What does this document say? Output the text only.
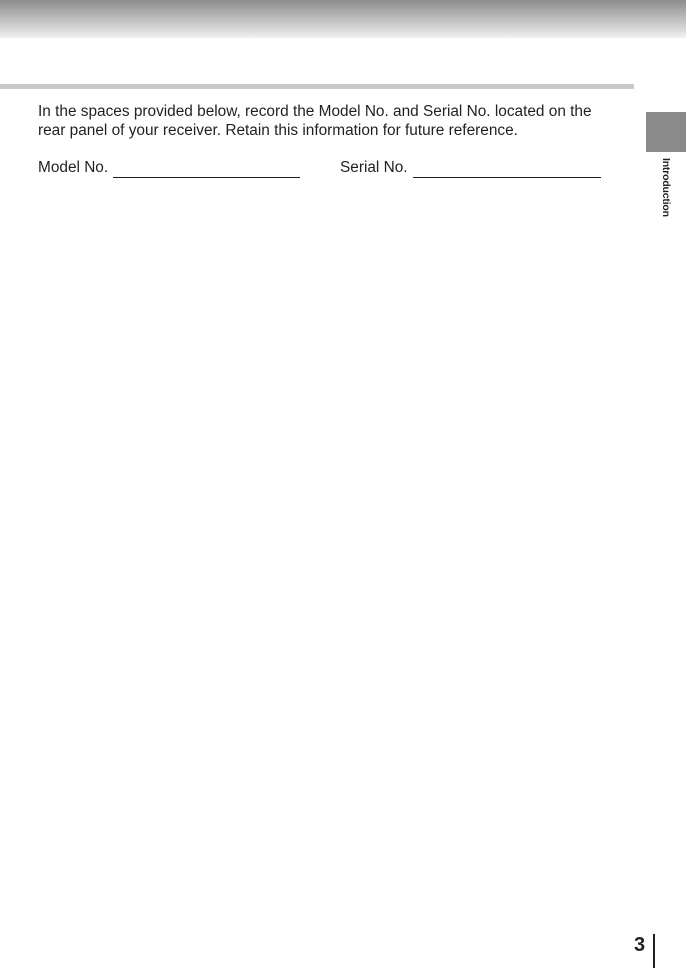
Introduction

In the spaces provided below, record the Model No. and Serial No. located on the
rear panel of your receiver. Retain this information for future reference.

Model No.	Serial No.
3
